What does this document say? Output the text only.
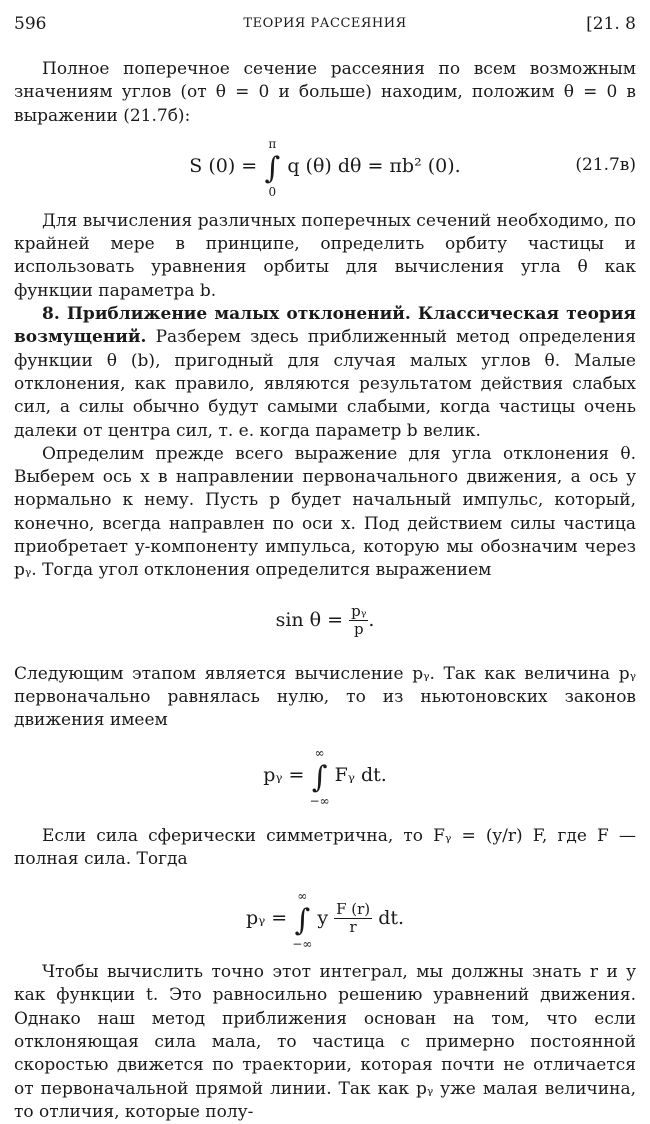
596	ТЕОРИЯ РАССЕЯНИЯ	[21. 8

Полное поперечное сечение рассеяния по всем возможным значениям углов (от θ = 0 и больше) находим, положим θ = 0 в выражении (21.7б):

S (0) = ∫
π
0
q (θ) dθ = πb² (0).	(21.7в)

Для вычисления различных поперечных сечений необходимо, по крайней мере в принципе, определить орбиту частицы и использовать уравнения орбиты для вычисления угла θ как функции параметра b.

8. Приближение малых отклонений. Классическая теория возмущений. Разберем здесь приближенный метод определения функции θ (b), пригодный для случая малых углов θ. Малые отклонения, как правило, являются результатом действия слабых сил, а силы обычно будут самыми слабыми, когда частицы очень далеки от центра сил, т. е. когда параметр b велик.

Определим прежде всего выражение для угла отклонения θ. Выберем ось x в направлении первоначального движения, а ось y нормально к нему. Пусть p будет начальный импульс, который, конечно, всегда направлен по оси x. Под действием силы частица приобретает y-компоненту импульса, которую мы обозначим через pᵧ. Тогда угол отклонения определится выражением

$\sin \theta = \frac{\text{pᵧ}}{p}$ .

Следующим этапом является вычисление pᵧ. Так как величина pᵧ первоначально равнялась нулю, то из ньютоновских законов движения имеем

pᵧ = ∫
∞
−∞
Fᵧ dt.

Если сила сферически симметрична, то Fᵧ = (y/r) F, где F — полная сила. Тогда

pᵧ = ∫
∞
−∞
y $\frac{F (r)}{r}$ dt.

Чтобы вычислить точно этот интеграл, мы должны знать r и y как функции t. Это равносильно решению уравнений движения. Однако наш метод приближения основан на том, что если отклоняющая сила мала, то частица с примерно постоянной скоростью движется по траектории, которая почти не отличается от первоначальной прямой линии. Так как pᵧ уже малая величина, то отличия, которые полу-
